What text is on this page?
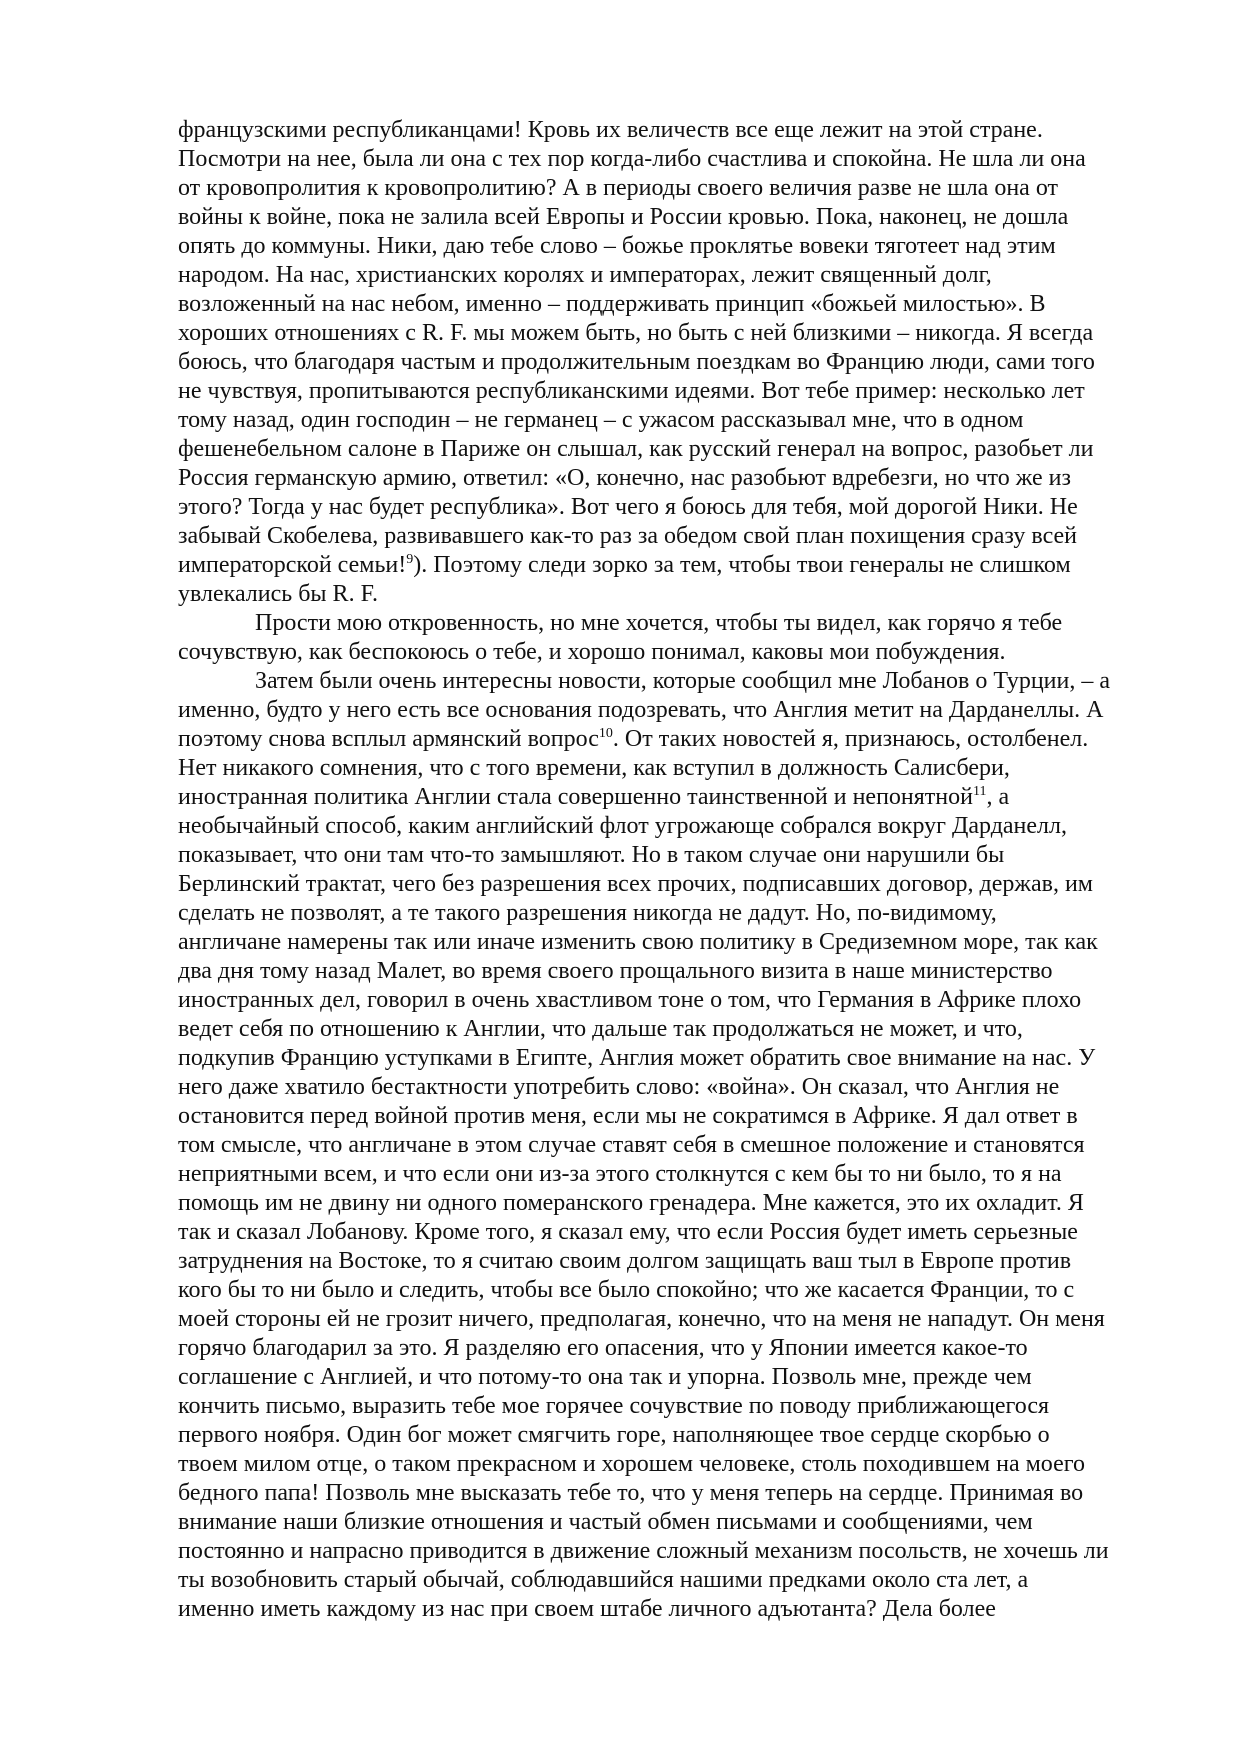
французскими республиканцами! Кровь их величеств все еще лежит на этой стране.
Посмотри на нее, была ли она с тех пор когда-либо счастлива и спокойна. Не шла ли она
от кровопролития к кровопролитию? А в периоды своего величия разве не шла она от
войны к войне, пока не залила всей Европы и России кровью. Пока, наконец, не дошла
опять до коммуны. Ники, даю тебе слово – божье проклятье вовеки тяготеет над этим
народом. На нас, христианских королях и императорах, лежит священный долг,
возложенный на нас небом, именно – поддерживать принцип «божьей милостью». В
хороших отношениях с R. F. мы можем быть, но быть с ней близкими – никогда. Я всегда
боюсь, что благодаря частым и продолжительным поездкам во Францию люди, сами того
не чувствуя, пропитываются республиканскими идеями. Вот тебе пример: несколько лет
тому назад, один господин – не германец – с ужасом рассказывал мне, что в одном
фешенебельном салоне в Париже он слышал, как русский генерал на вопрос, разобьет ли
Россия германскую армию, ответил: «О, конечно, нас разобьют вдребезги, но что же из
этого? Тогда у нас будет республика». Вот чего я боюсь для тебя, мой дорогой Ники. Не
забывай Скобелева, развивавшего как-то раз за обедом свой план похищения сразу всей
императорской семьи!$^9$). Поэтому следи зорко за тем, чтобы твои генералы не слишком
увлекались бы R. F.
Прости мою откровенность, но мне хочется, чтобы ты видел, как горячо я тебе
сочувствую, как беспокоюсь о тебе, и хорошо понимал, каковы мои побуждения.
Затем были очень интересны новости, которые сообщил мне Лобанов о Турции, – а
именно, будто у него есть все основания подозревать, что Англия метит на Дарданеллы. А
поэтому снова всплыл армянский вопрос$^{10}$. От таких новостей я, признаюсь, остолбенел.
Нет никакого сомнения, что с того времени, как вступил в должность Салисбери,
иностранная политика Англии стала совершенно таинственной и непонятной$^{11}$, а
необычайный способ, каким английский флот угрожающе собрался вокруг Дарданелл,
показывает, что они там что-то замышляют. Но в таком случае они нарушили бы
Берлинский трактат, чего без разрешения всех прочих, подписавших договор, держав, им
сделать не позволят, а те такого разрешения никогда не дадут. Но, по-видимому,
англичане намерены так или иначе изменить свою политику в Средиземном море, так как
два дня тому назад Малет, во время своего прощального визита в наше министерство
иностранных дел, говорил в очень хвастливом тоне о том, что Германия в Африке плохо
ведет себя по отношению к Англии, что дальше так продолжаться не может, и что,
подкупив Францию уступками в Египте, Англия может обратить свое внимание на нас. У
него даже хватило бестактности употребить слово: «война». Он сказал, что Англия не
остановится перед войной против меня, если мы не сократимся в Африке. Я дал ответ в
том смысле, что англичане в этом случае ставят себя в смешное положение и становятся
неприятными всем, и что если они из-за этого столкнутся с кем бы то ни было, то я на
помощь им не двину ни одного померанского гренадера. Мне кажется, это их охладит. Я
так и сказал Лобанову. Кроме того, я сказал ему, что если Россия будет иметь серьезные
затруднения на Востоке, то я считаю своим долгом защищать ваш тыл в Европе против
кого бы то ни было и следить, чтобы все было спокойно; что же касается Франции, то с
моей стороны ей не грозит ничего, предполагая, конечно, что на меня не нападут. Он меня
горячо благодарил за это. Я разделяю его опасения, что у Японии имеется какое-то
соглашение с Англией, и что потому-то она так и упорна. Позволь мне, прежде чем
кончить письмо, выразить тебе мое горячее сочувствие по поводу приближающегося
первого ноября. Один бог может смягчить горе, наполняющее твое сердце скорбью о
твоем милом отце, о таком прекрасном и хорошем человеке, столь походившем на моего
бедного папа! Позволь мне высказать тебе то, что у меня теперь на сердце. Принимая во
внимание наши близкие отношения и частый обмен письмами и сообщениями, чем
постоянно и напрасно приводится в движение сложный механизм посольств, не хочешь ли
ты возобновить старый обычай, соблюдавшийся нашими предками около ста лет, а
именно иметь каждому из нас при своем штабе личного адъютанта? Дела более
